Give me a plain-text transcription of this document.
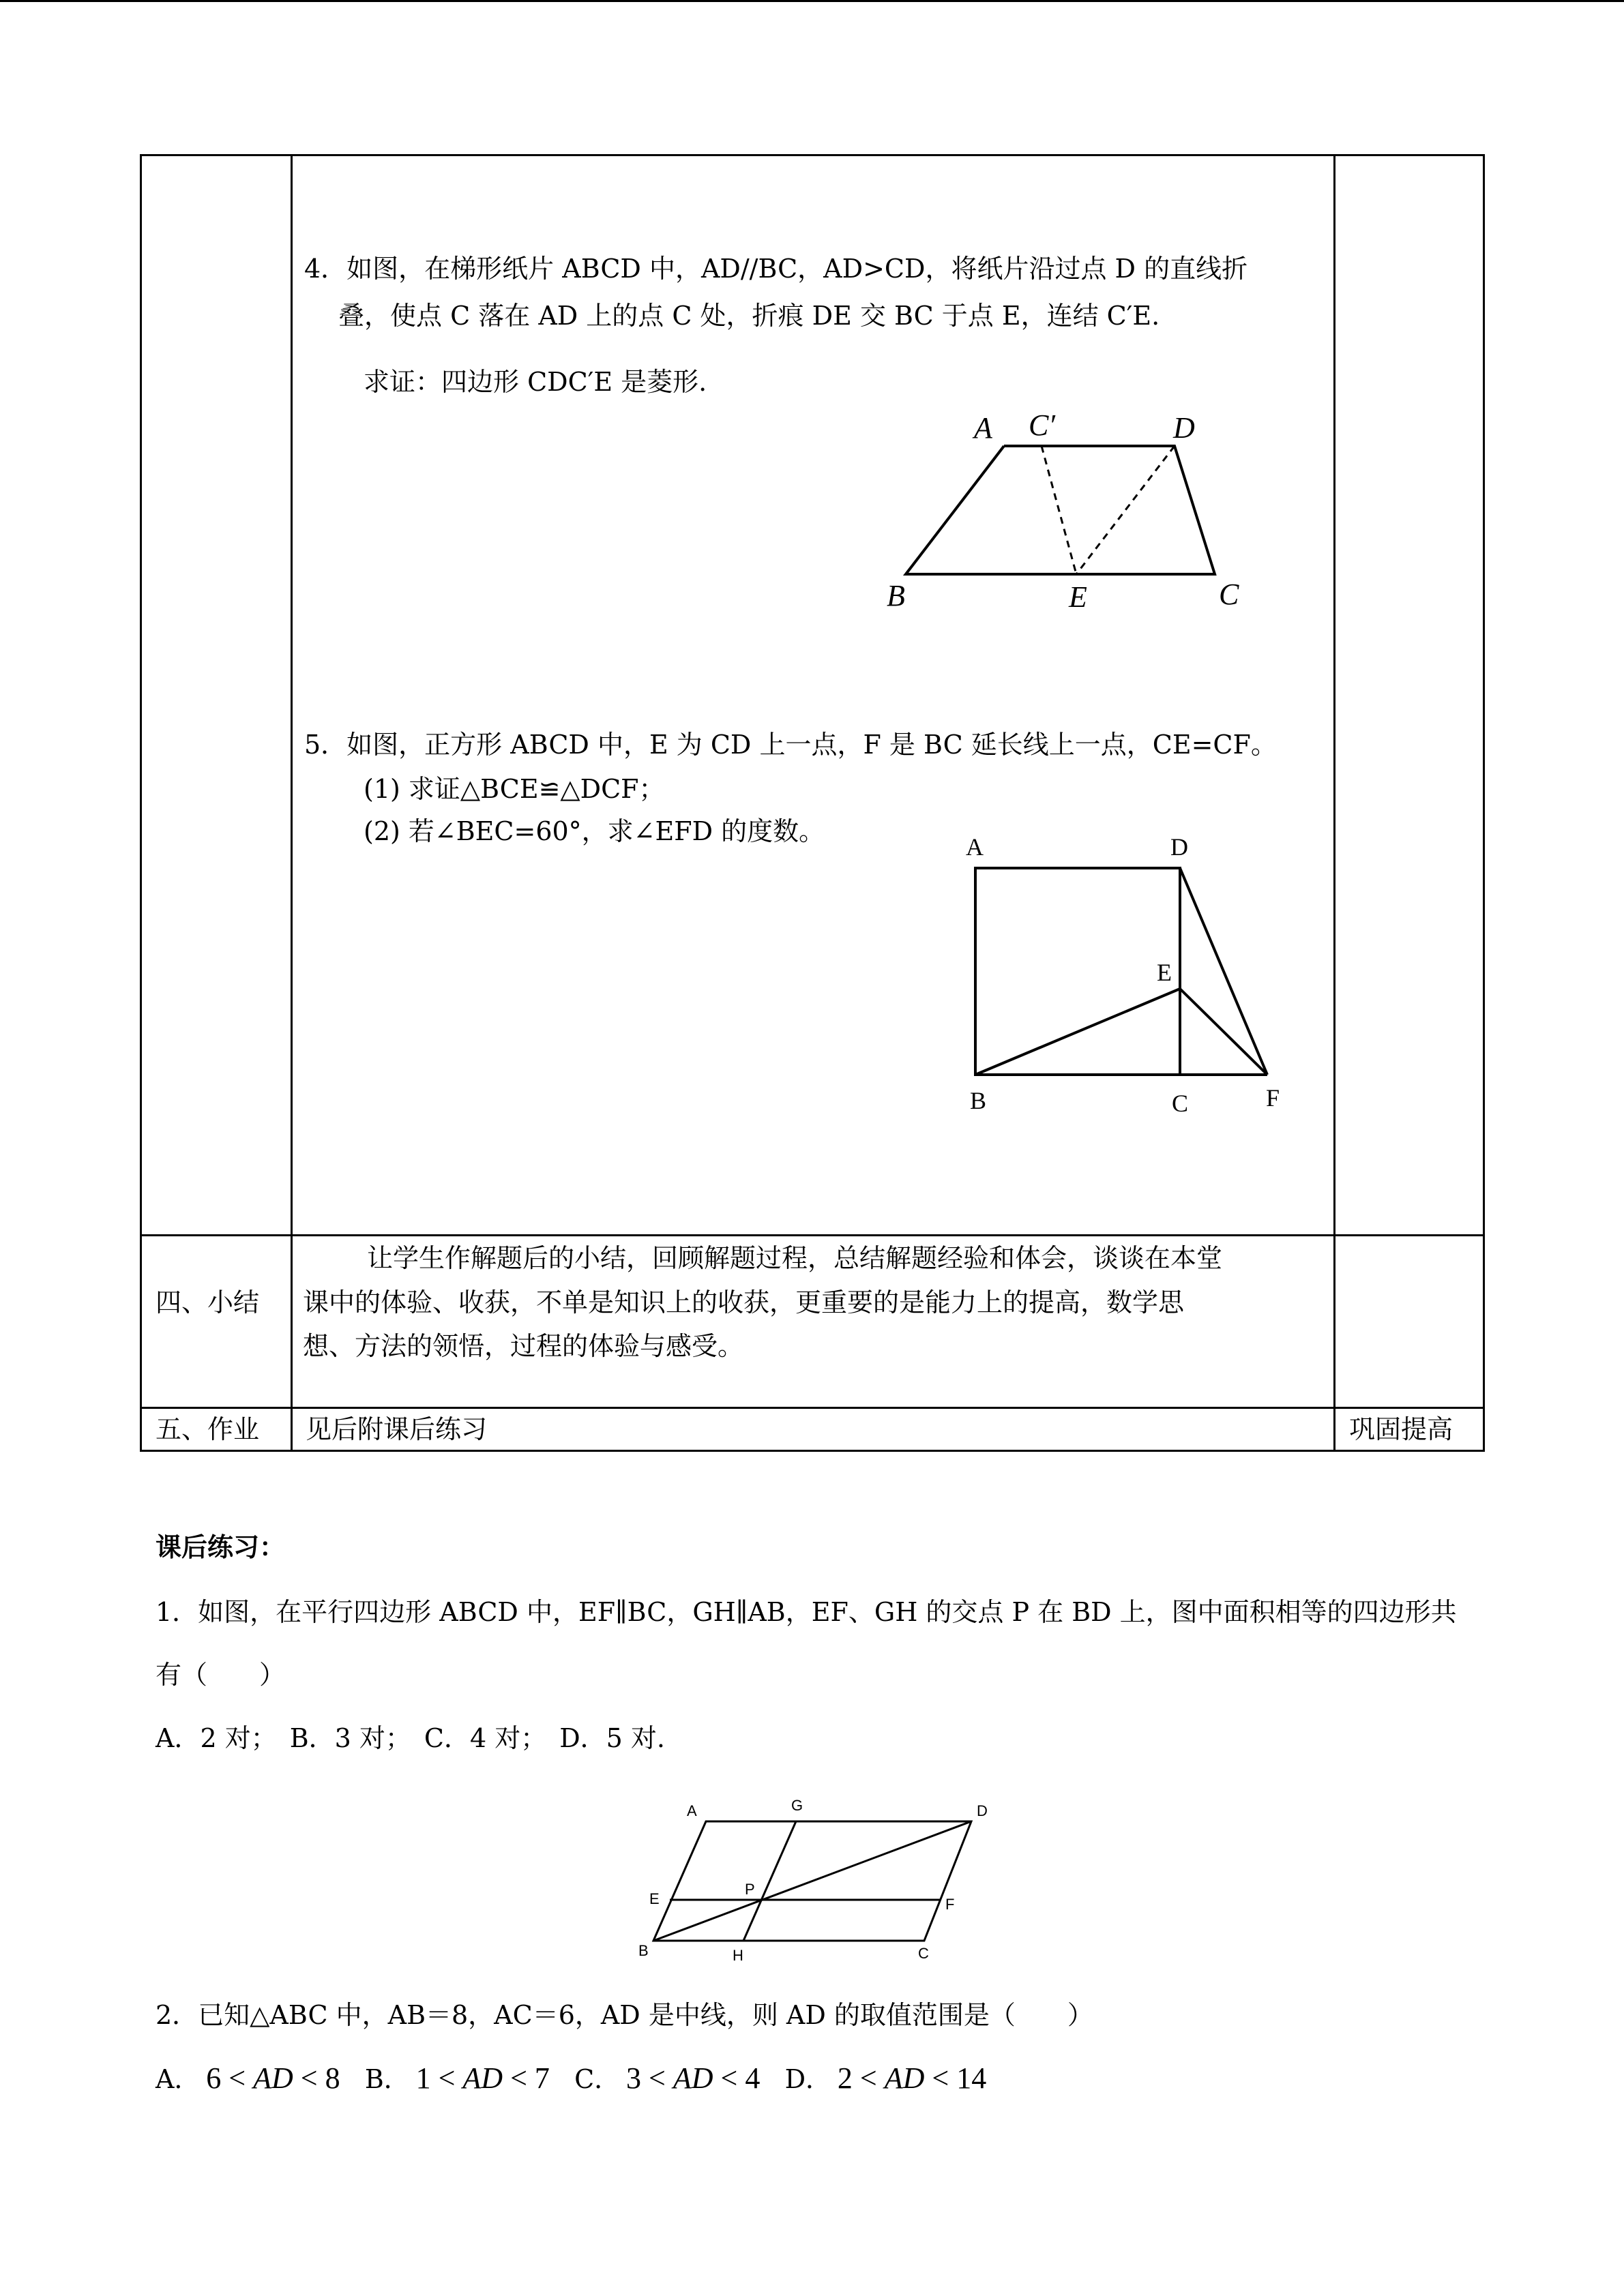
4．如图，在梯形纸片 ABCD 中，AD//BC，AD>CD，将纸片沿过点 D 的直线折
叠，使点 C 落在 AD 上的点 C 处，折痕 DE 交 BC 于点 E，连结 C′E.
求证：四边形 CDC′E 是菱形.
A C′	D
B	E	C
5．如图，正方形 ABCD 中，E 为 CD 上一点，F 是 BC 延长线上一点，CE=CF。
(1) 求证△BCE≌△DCF；
(2) 若∠BEC=60°，求∠EFD 的度数。
A	D
E
B	C	F
四、小结
让学生作解题后的小结，回顾解题过程，总结解题经验和体会，谈谈在本堂
课中的体验、收获，不单是知识上的收获，更重要的是能力上的提高，数学思
想、方法的领悟，过程的体验与感受。
五、作业 见后附课后练习	巩固提高
课后练习：
1．如图，在平行四边形 ABCD 中，EF∥BC，GH∥AB，EF、GH 的交点 P 在 BD 上，图中面积相等的四边形共
有（　　）
A．2 对；　B．3 对；　C．4 对；　D．5 对.
A	G	D
E
P
F
B	H	C
2．已知△ABC 中，AB＝8，AC＝6，AD 是中线，则 AD 的取值范围是（　　）
A．  6 < AD < 8 B．  1 < AD < 7 C．  3 < AD < 4 D．  2 < AD < 14
